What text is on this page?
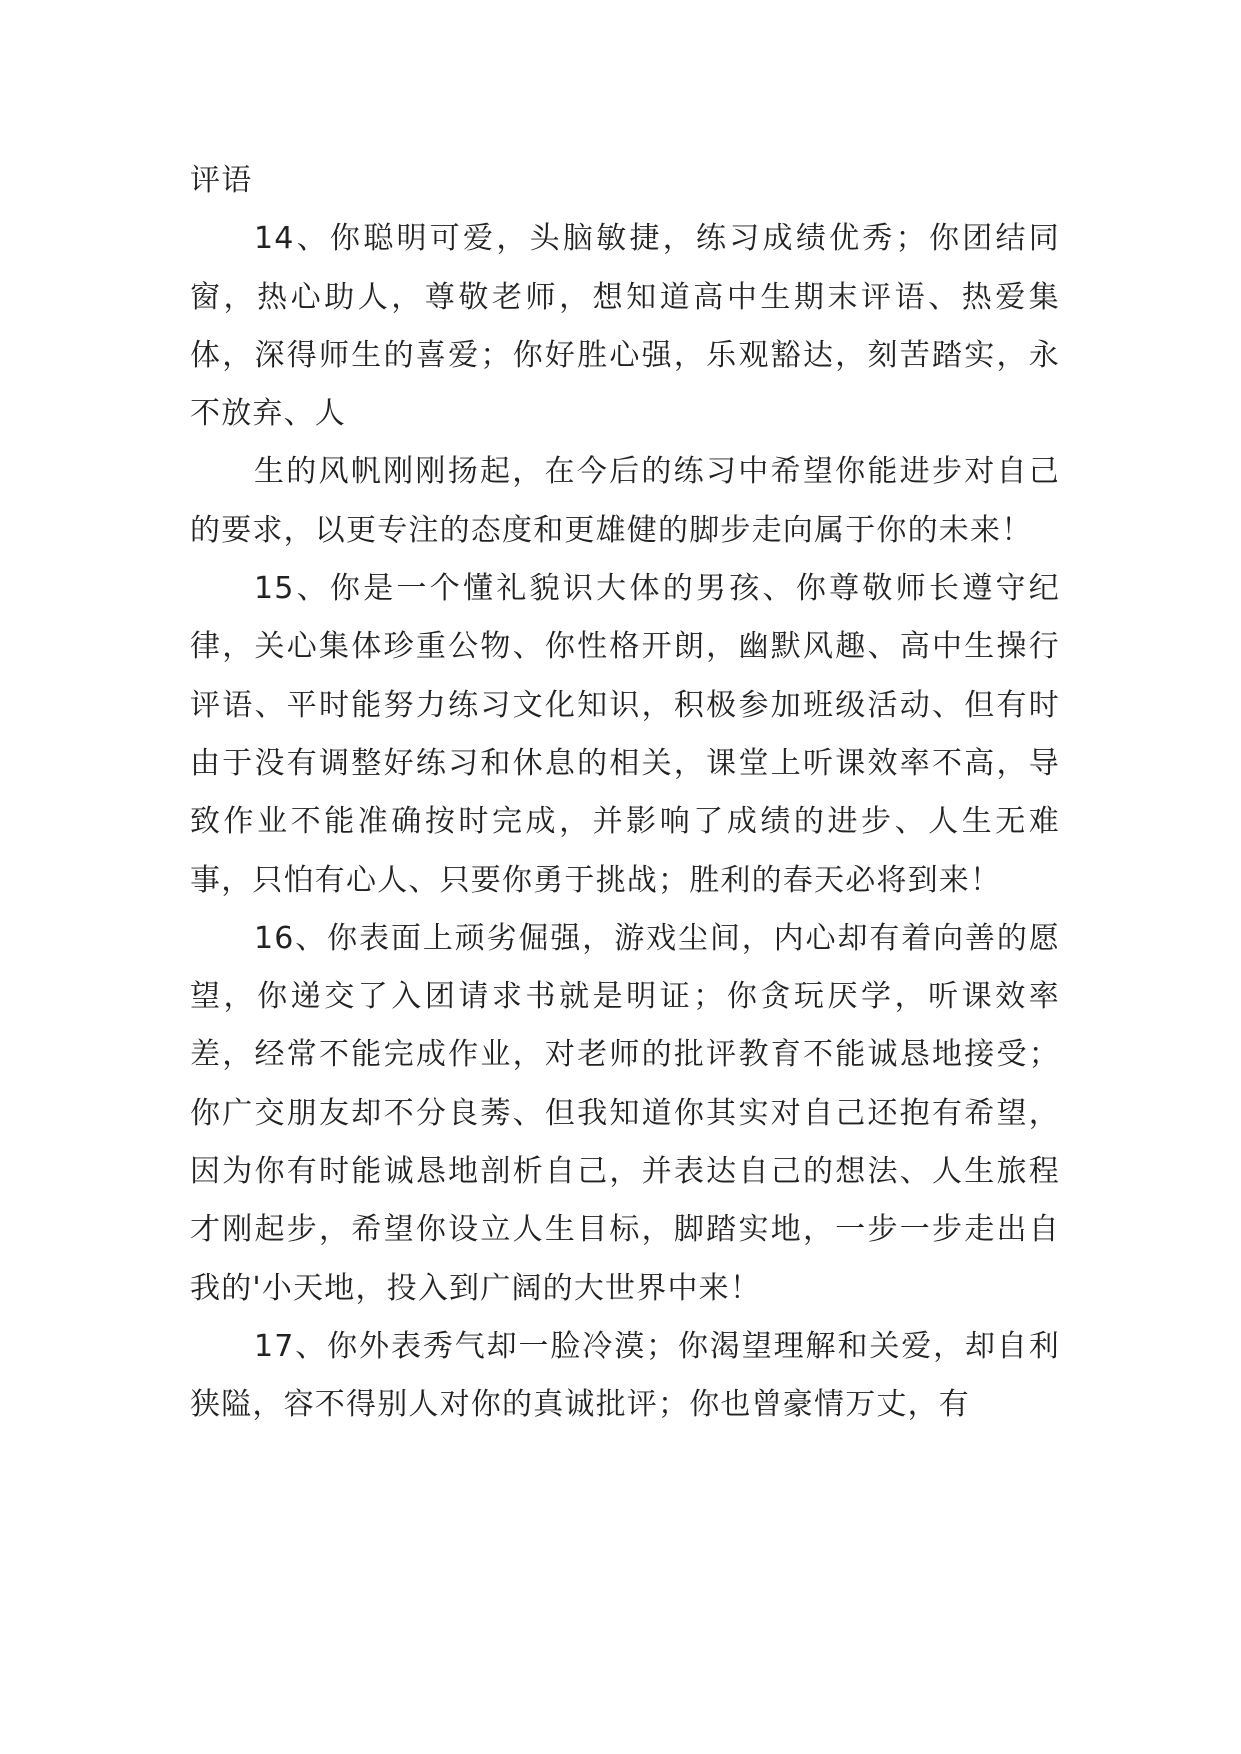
评语

14、你聪明可爱，头脑敏捷，练习成绩优秀；你团结同窗，热心助人，尊敬老师，想知道高中生期末评语、热爱集体，深得师生的喜爱；你好胜心强，乐观豁达，刻苦踏实，永不放弃、人

生的风帆刚刚扬起，在今后的练习中希望你能进步对自己的要求，以更专注的态度和更雄健的脚步走向属于你的未来！

15、你是一个懂礼貌识大体的男孩、你尊敬师长遵守纪律，关心集体珍重公物、你性格开朗，幽默风趣、高中生操行评语、平时能努力练习文化知识，积极参加班级活动、但有时由于没有调整好练习和休息的相关，课堂上听课效率不高，导致作业不能准确按时完成，并影响了成绩的进步、人生无难事，只怕有心人、只要你勇于挑战；胜利的春天必将到来！

16、你表面上顽劣倔强，游戏尘间，内心却有着向善的愿望，你递交了入团请求书就是明证；你贪玩厌学，听课效率差，经常不能完成作业，对老师的批评教育不能诚恳地接受；你广交朋友却不分良莠、但我知道你其实对自己还抱有希望，因为你有时能诚恳地剖析自己，并表达自己的想法、人生旅程才刚起步，希望你设立人生目标，脚踏实地，一步一步走出自我的'小天地，投入到广阔的大世界中来！

17、你外表秀气却一脸冷漠；你渴望理解和关爱，却自利狭隘，容不得别人对你的真诚批评；你也曾豪情万丈，有
